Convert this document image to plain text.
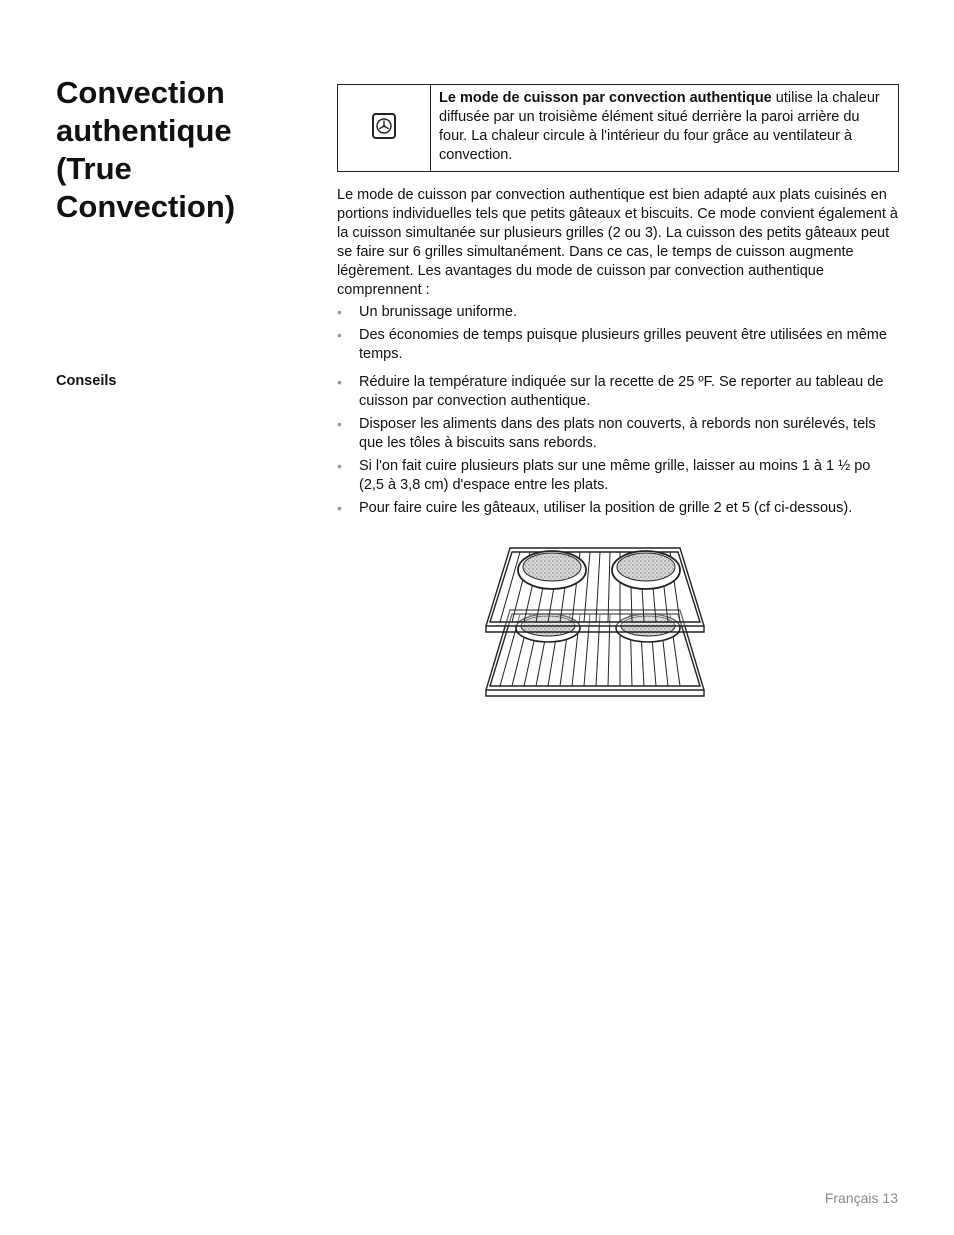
Convection authentique (True Convection)
Le mode de cuisson par convection authentique utilise la chaleur diffusée par un troisième élément situé derrière la paroi arrière du four. La chaleur circule à l'intérieur du four grâce au ventilateur à convection.
Le mode de cuisson par convection authentique est bien adapté aux plats cuisinés en portions individuelles tels que petits gâteaux et biscuits. Ce mode convient également à la cuisson simultanée sur plusieurs grilles (2 ou 3). La cuisson des petits gâteaux peut se faire sur 6 grilles simultanément. Dans ce cas, le temps de cuisson augmente légèrement. Les avantages du mode de cuisson par convection authentique comprennent :
• Un brunissage uniforme.
• Des économies de temps puisque plusieurs grilles peuvent être utilisées en même temps.
Conseils	• Réduire la température indiquée sur la recette de 25 ºF. Se reporter au tableau de cuisson par convection authentique.
• Disposer les aliments dans des plats non couverts, à rebords non surélevés, tels que les tôles à biscuits sans rebords.
• Si l'on fait cuire plusieurs plats sur une même grille, laisser au moins 1 à 1 ½ po (2,5 à 3,8 cm) d'espace entre les plats.
• Pour faire cuire les gâteaux, utiliser la position de grille 2 et 5 (cf ci-dessous).
Français 13
